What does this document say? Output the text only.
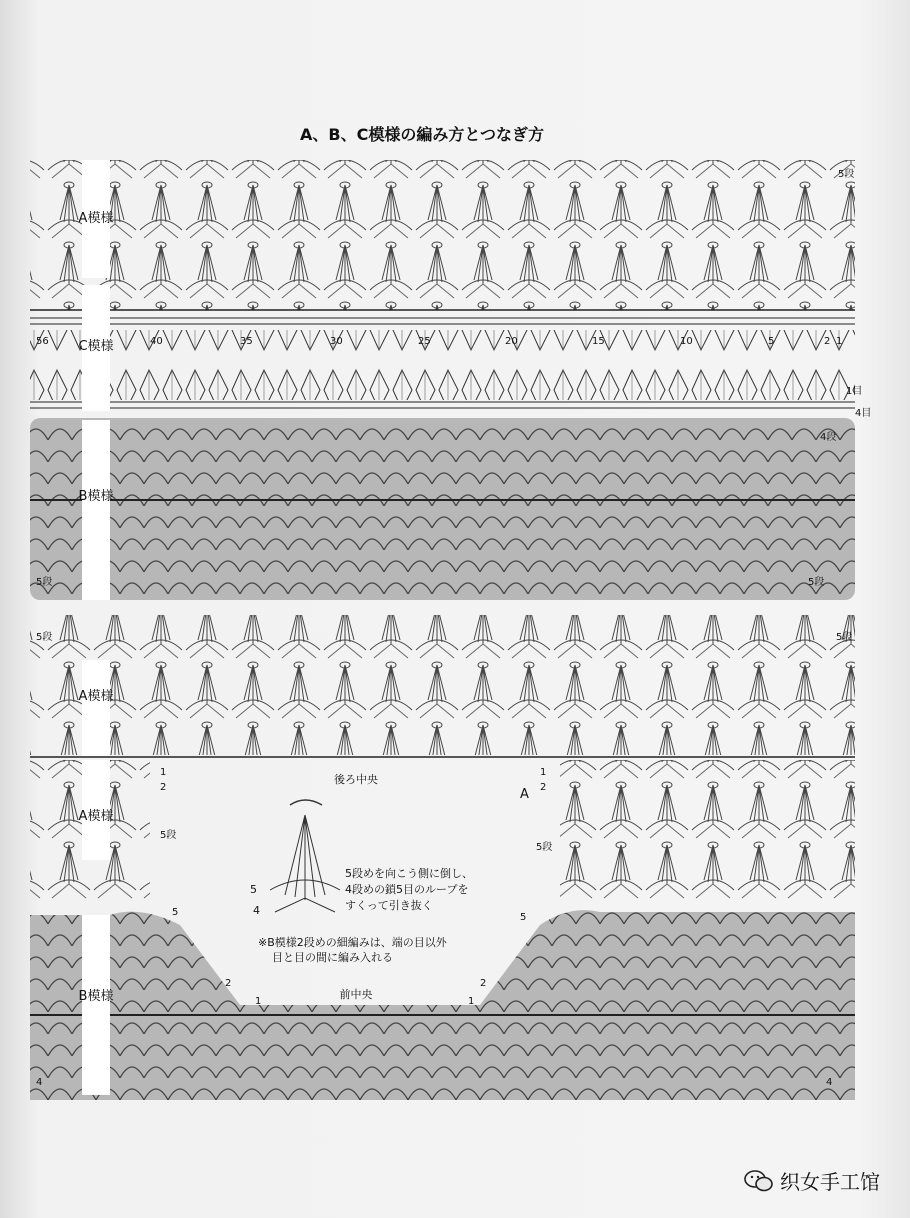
A、B、C模様の編み方とつなぎ方
A模様
C模様
B模様
A模様
A模様
B模様
56	40	35	30	25	20	15	10	5	2 1
後ろ中央
前中央
A
5段めを向こう側に倒し、
4段めの鎖5目のループを
すくって引き抜く
※B模様2段めの細編みは、端の目以外
目と目の間に編み入れる
5
4
5段
1目
4目
4段
5段	5段
5段	5段
1
2
5段
1
2
5段
5	5
2
1
2
1
4	4
织女手工馆
